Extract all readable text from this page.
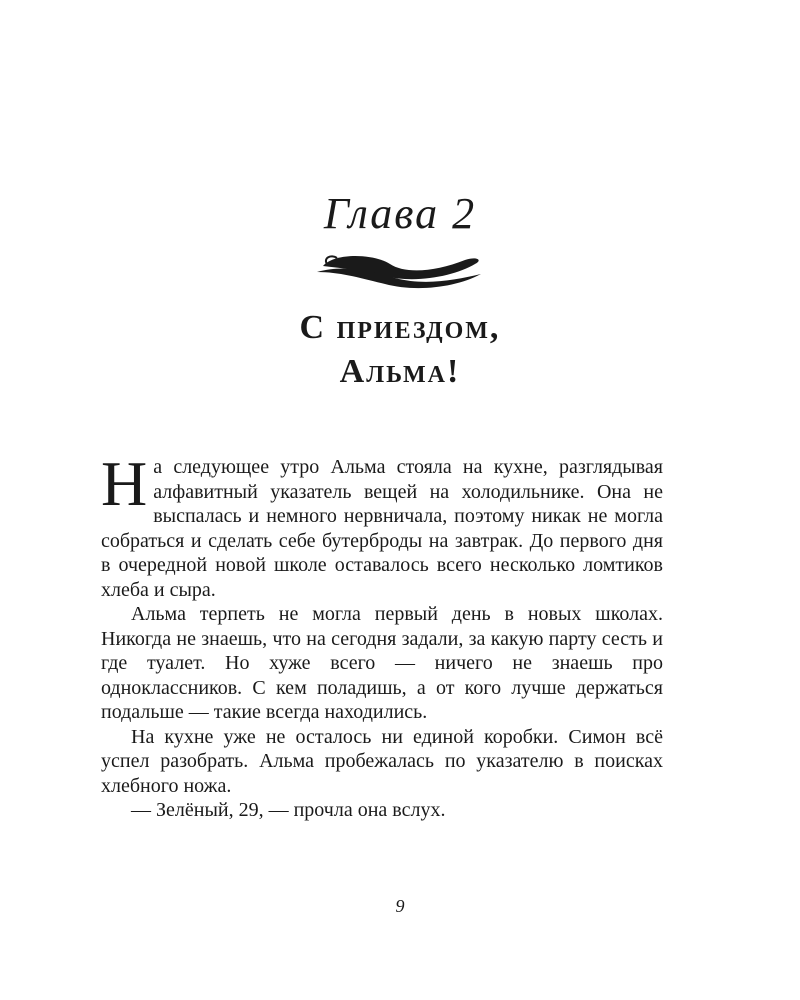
Глава 2
С приездом,
Альма!

На следующее утро Альма стояла на кухне, разглядывая алфавитный указатель вещей на холодильнике. Она не выспалась и немного нервничала, поэтому никак не могла собраться и сделать себе бутерброды на завтрак. До первого дня в очередной новой школе оставалось всего несколько ломтиков хлеба и сыра.

Альма терпеть не могла первый день в новых школах. Никогда не знаешь, что на сегодня задали, за какую парту сесть и где туалет. Но хуже всего — ничего не знаешь про одноклассников. С кем поладишь, а от кого лучше держаться подальше — такие всегда находились.

На кухне уже не осталось ни единой коробки. Симон всё успел разобрать. Альма пробежалась по указателю в поисках хлебного ножа.

— Зелёный, 29, — прочла она вслух.

9
